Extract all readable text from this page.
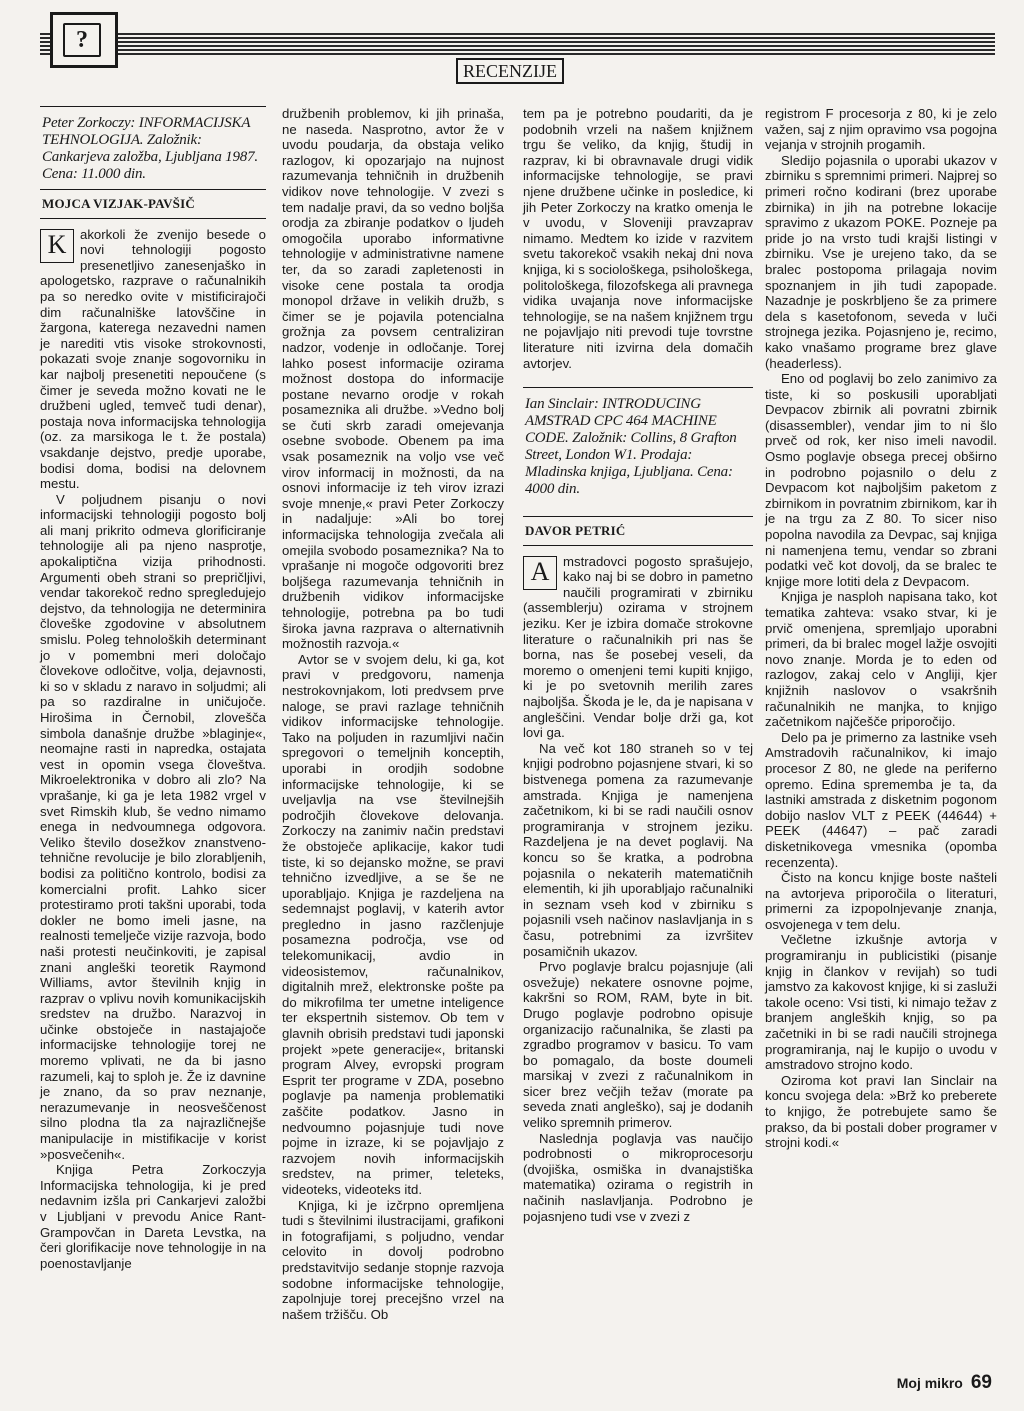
?
RECENZIJE
Peter Zorkoczy: INFORMACIJSKA TEHNOLOGIJA. Založnik: Cankarjeva založba, Ljubljana 1987. Cena: 11.000 din.
MOJCA VIZJAK-PAVŠIČ
K	akorkoli že zvenijo besede o novi tehnologiji pogosto presenetljivo zanesenjaško in apologetsko, razprave o računalnikih pa so neredko ovite v mistificirajoči dim računalniške latovščine in žargona, katerega nezavedni namen je narediti vtis visoke strokovnosti, pokazati svoje znanje sogovorniku in kar najbolj presenetiti nepoučene (s čimer je seveda možno kovati ne le družbeni ugled, temveč tudi denar), postaja nova informacijska tehnologija (oz. za marsikoga le t. že postala) vsakdanje dejstvo, predje uporabe, bodisi doma, bodisi na delovnem mestu.

V poljudnem pisanju o novi informacijski tehnologiji pogosto bolj ali manj prikrito odmeva glorificiranje tehnologije ali pa njeno nasprotje, apokaliptična vizija prihodnosti. Argumenti obeh strani so prepričljivi, vendar takorekoč redno spregledujejo dejstvo, da tehnologija ne determinira človeške zgodovine v absolutnem smislu. Poleg tehnoloških determinant jo v pomembni meri določajo človekove odločitve, volja, dejavnosti, ki so v skladu z naravo in soljudmi; ali pa so razdiralne in uničujoče. Hirošima in Černobil, zlovešča simbola današnje družbe »blaginje«, neomajne rasti in napredka, ostajata vest in opomin vsega človeštva. Mikroelektronika v dobro ali zlo? Na vprašanje, ki ga je leta 1982 vrgel v svet Rimskih klub, še vedno nimamo enega in nedvoumnega odgovora. Veliko število dosežkov znanstveno-tehnične revolucije je bilo zlorabljenih, bodisi za politično kontrolo, bodisi za komercialni profit. Lahko sicer protestiramo proti takšni uporabi, toda dokler ne bomo imeli jasne, na realnosti temelječe vizije razvoja, bodo naši protesti neučinkoviti, je zapisal znani angleški teoretik Raymond Williams, avtor številnih knjig in razprav o vplivu novih komunikacijskih sredstev na družbo. Narazvoj in učinke obstoječe in nastajajoče informacijske tehnologije torej ne moremo vplivati, ne da bi jasno razumeli, kaj to sploh je. Že iz davnine je znano, da so prav neznanje, nerazumevanje in neosveščenost silno plodna tla za najrazličnejše manipulacije in mistifikacije v korist »posvečenih«.

Knjiga Petra Zorkoczyja Informacijska tehnologija, ki je pred nedavnim izšla pri Cankarjevi založbi v Ljubljani v prevodu Anice Rant-Grampovčan in Dareta Levstka, na čeri glorifikacije nove tehnologije in na poenostavljanje

družbenih problemov, ki jih prinaša, ne naseda. Nasprotno, avtor že v uvodu poudarja, da obstaja veliko razlogov, ki opozarjajo na nujnost razumevanja tehničnih in družbenih vidikov nove tehnologije. V zvezi s tem nadalje pravi, da so vedno boljša orodja za zbiranje podatkov o ljudeh omogočila uporabo informativne tehnologije v administrativne namene ter, da so zaradi zapletenosti in visoke cene postala ta orodja monopol države in velikih družb, s čimer se je pojavila potencialna grožnja za povsem centraliziran nadzor, vodenje in odločanje. Torej lahko posest informacije ozirama možnost dostopa do informacije postane nevarno orodje v rokah posameznika ali družbe. »Vedno bolj se čuti skrb zaradi omejevanja osebne svobode. Obenem pa ima vsak posameznik na voljo vse več virov informacij in možnosti, da na osnovi informacije iz teh virov izrazi svoje mnenje,« pravi Peter Zorkoczy in nadaljuje: »Ali bo torej informacijska tehnologija zvečala ali omejila svobodo posameznika? Na to vprašanje ni mogoče odgovoriti brez boljšega razumevanja tehničnih in družbenih vidikov informacijske tehnologije, potrebna pa bo tudi široka javna razprava o alternativnih možnostih razvoja.«

Avtor se v svojem delu, ki ga, kot pravi v predgovoru, namenja nestrokovnjakom, loti predvsem prve naloge, se pravi razlage tehničnih vidikov informacijske tehnologije. Tako na poljuden in razumljivi način spregovori o temeljnih konceptih, uporabi in orodjih sodobne informacijske tehnologije, ki se uveljavlja na vse številnejših področjih človekove delovanja. Zorkoczy na zanimiv način predstavi že obstoječe aplikacije, kakor tudi tiste, ki so dejansko možne, se pravi tehnično izvedljive, a se še ne uporabljajo. Knjiga je razdeljena na sedemnajst poglavij, v katerih avtor pregledno in jasno razčlenjuje posamezna področja, vse od telekomunikacij, avdio in videosistemov, računalnikov, digitalnih mrež, elektronske pošte pa do mikrofilma ter umetne inteligence ter ekspertnih sistemov. Ob tem v glavnih obrisih predstavi tudi japonski projekt »pete generacije«, britanski program Alvey, evropski program Esprit ter programe v ZDA, posebno poglavje pa namenja problematiki zaščite podatkov. Jasno in nedvoumno pojasnjuje tudi nove pojme in izraze, ki se pojavljajo z razvojem novih informacijskih sredstev, na primer, teleteks, videoteks, videoteks itd.

Knjiga, ki je izčrpno opremljena tudi s številnimi ilustracijami, grafikoni in fotografijami, s poljudno, vendar celovito in dovolj podrobno predstavitvijo sedanje stopnje razvoja sodobne informacijske tehnologije, zapolnjuje torej precejšno vrzel na našem tržišču. Ob

tem pa je potrebno poudariti, da je podobnih vrzeli na našem knjižnem trgu še veliko, da knjig, študij in razprav, ki bi obravnavale drugi vidik informacijske tehnologije, se pravi njene družbene učinke in posledice, ki jih Peter Zorkoczy na kratko omenja le v uvodu, v Sloveniji pravzaprav nimamo. Medtem ko izide v razvitem svetu takorekoč vsakih nekaj dni nova knjiga, ki s sociološkega, psihološkega, politološkega, filozofskega ali pravnega vidika uvajanja nove informacijske tehnologije, se na našem knjižnem trgu ne pojavljajo niti prevodi tuje tovrstne literature niti izvirna dela domačih avtorjev.

Ian Sinclair: INTRODUCING AMSTRAD CPC 464 MACHINE CODE. Založnik: Collins, 8 Grafton Street, London W1. Prodaja: Mladinska knjiga, Ljubljana. Cena: 4000 din.
DAVOR PETRIĆ
A	mstradovci pogosto sprašujejo, kako naj bi se dobro in pametno naučili programirati v zbirniku (assemblerju) ozirama v strojnem jeziku. Ker je izbira domače strokovne literature o računalnikih pri nas še borna, nas še posebej veseli, da moremo o omenjeni temi kupiti knjigo, ki je po svetovnih merilih zares najboljša. Škoda je le, da je napisana v angleščini. Vendar bolje drži ga, kot lovi ga.

Na več kot 180 straneh so v tej knjigi podrobno pojasnjene stvari, ki so bistvenega pomena za razumevanje amstrada. Knjiga je namenjena začetnikom, ki bi se radi naučili osnov programiranja v strojnem jeziku. Razdeljena je na devet poglavij. Na koncu so še kratka, a podrobna pojasnila o nekaterih matematičnih elementih, ki jih uporabljajo računalniki in seznam vseh kod v zbirniku s pojasnili vseh načinov naslavljanja in s času, potrebnimi za izvršitev posamičnih ukazov.

Prvo poglavje bralcu pojasnjuje (ali osvežuje) nekatere osnovne pojme, kakršni so ROM, RAM, byte in bit. Drugo poglavje podrobno opisuje organizacijo računalnika, še zlasti pa zgradbo programov v basicu. To vam bo pomagalo, da boste doumeli marsikaj v zvezi z računalnikom in sicer brez večjih težav (morate pa seveda znati angleško), saj je dodanih veliko spremnih primerov.

Naslednja poglavja vas naučijo podrobnosti o mikroprocesorju (dvojiška, osmiška in dvanajstiška matematika) ozirama o registrih in načinih naslavljanja. Podrobno je pojasnjeno tudi vse v zvezi z

registrom F procesorja z 80, ki je zelo važen, saj z njim opravimo vsa pogojna vejanja v strojnih progamih.

Sledijo pojasnila o uporabi ukazov v zbirniku s spremnimi primeri. Najprej so primeri ročno kodirani (brez uporabe zbirnika) in jih na potrebne lokacije spravimo z ukazom POKE. Pozneje pa pride jo na vrsto tudi krajši listingi v zbirniku. Vse je urejeno tako, da se bralec postopoma prilagaja novim spoznanjem in jih tudi zapopade. Nazadnje je poskrbljeno še za primere dela s kasetofonom, seveda v luči strojnega jezika. Pojasnjeno je, recimo, kako vnašamo programe brez glave (headerless).

Eno od poglavij bo zelo zanimivo za tiste, ki so poskusili uporabljati Devpacov zbirnik ali povratni zbirnik (disassembler), vendar jim to ni šlo prveč od rok, ker niso imeli navodil. Osmo poglavje obsega precej obširno in podrobno pojasnilo o delu z Devpacom kot najboljšim paketom z zbirnikom in povratnim zbirnikom, kar ih je na trgu za Z 80. To sicer niso popolna navodila za Devpac, saj knjiga ni namenjena temu, vendar so zbrani podatki več kot dovolj, da se bralec te knjige more lotiti dela z Devpacom.

Knjiga je nasploh napisana tako, kot tematika zahteva: vsako stvar, ki je prvič omenjena, spremljajo uporabni primeri, da bi bralec mogel lažje osvojiti novo znanje. Morda je to eden od razlogov, zakaj celo v Angliji, kjer knjižnih naslovov o vsakršnih računalnikih ne manjka, to knjigo začetnikom najčešče priporočijo.

Delo pa je primerno za lastnike vseh Amstradovih računalnikov, ki imajo procesor Z 80, ne glede na periferno opremo. Edina sprememba je ta, da lastniki amstrada z disketnim pogonom dobijo naslov VLT z PEEK (44644) + PEEK (44647) – pač zaradi disketnikovega vmesnika (opomba recenzenta).

Čisto na koncu knjige boste našteli na avtorjeva priporočila o literaturi, primerni za izpopolnjevanje znanja, osvojenega v tem delu.

Večletne izkušnje avtorja v programiranju in publicistiki (pisanje knjig in člankov v revijah) so tudi jamstvo za kakovost knjige, ki si zasluži takole oceno: Vsi tisti, ki nimajo težav z branjem angleških knjig, so pa začetniki in bi se radi naučili strojnega programiranja, naj le kupijo o uvodu v amstradovo strojno kodo.

Oziroma kot pravi Ian Sinclair na koncu svojega dela: »Brž ko preberete to knjigo, že potrebujete samo še prakso, da bi postali dober programer v strojni kodi.«

Moj mikro 69
